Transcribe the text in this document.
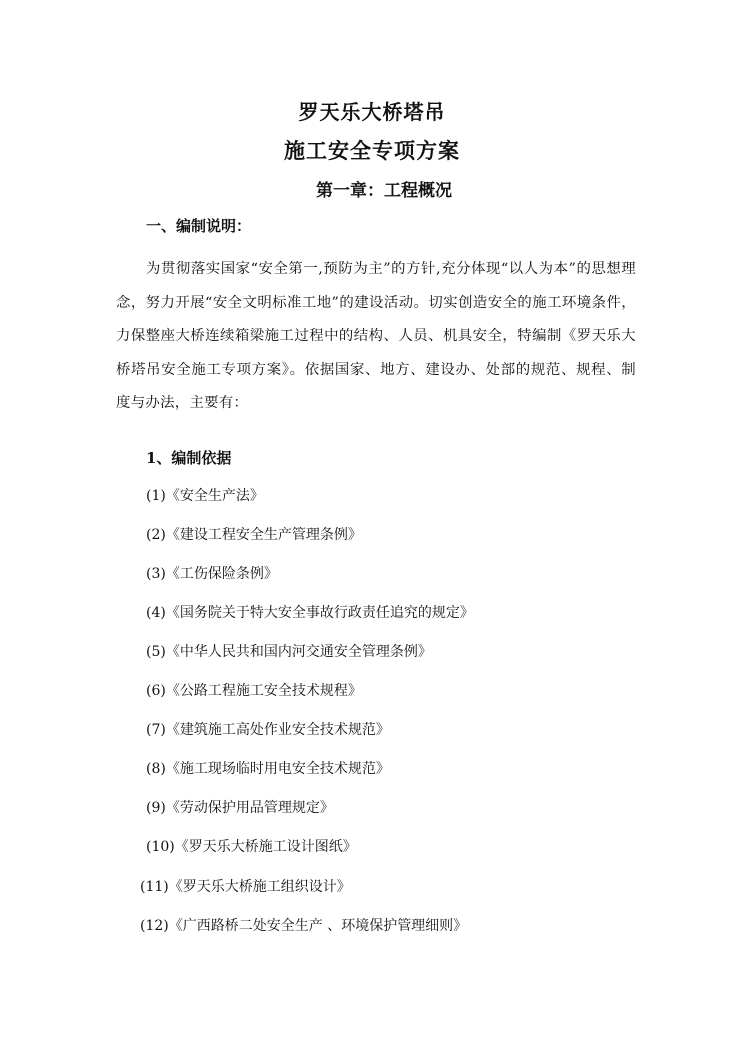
罗天乐大桥塔吊
施工安全专项方案
第一章：工程概况
一、编制说明：
为贯彻落实国家“安全第一,预防为主”的方针,充分体现“以人为本”的思想理念，努力开展“安全文明标准工地”的建设活动。切实创造安全的施工环境条件，力保整座大桥连续箱梁施工过程中的结构、人员、机具安全，特编制《罗天乐大桥塔吊安全施工专项方案》。依据国家、地方、建设办、处部的规范、规程、制度与办法，主要有：
1、编制依据
(1)《安全生产法》
(2)《建设工程安全生产管理条例》
(3)《工伤保险条例》
(4)《国务院关于特大安全事故行政责任追究的规定》
(5)《中华人民共和国内河交通安全管理条例》
(6)《公路工程施工安全技术规程》
(7)《建筑施工高处作业安全技术规范》
(8)《施工现场临时用电安全技术规范》
(9)《劳动保护用品管理规定》
(10)《罗天乐大桥施工设计图纸》
(11)《罗天乐大桥施工组织设计》
(12)《广西路桥二处安全生产 、环境保护管理细则》
